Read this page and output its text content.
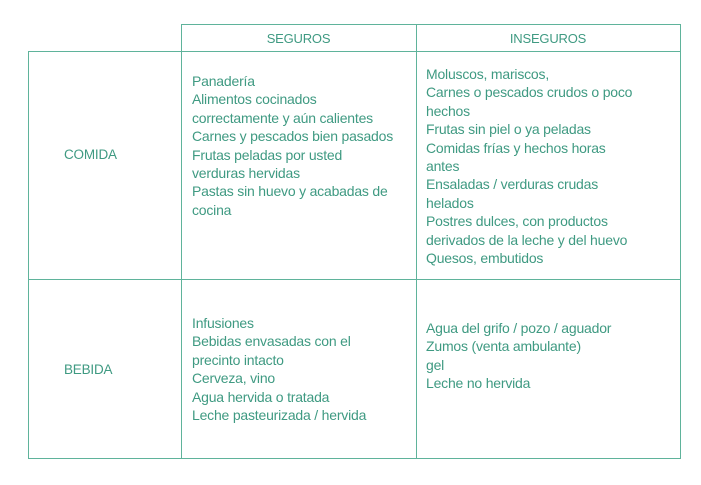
SEGUROS	INSEGUROS
COMIDA
BEBIDA
Panadería
Alimentos cocinados correctamente y aún calientes
Carnes y pescados bien pasados
Frutas peladas por usted verduras hervidas
Pastas sin huevo y acabadas de cocina
Moluscos, mariscos,
Carnes o pescados crudos o poco hechos
Frutas sin piel o ya peladas
Comidas frías y hechos horas antes
Ensaladas / verduras crudas helados
Postres dulces, con productos derivados de la leche y del huevo
Quesos, embutidos
Infusiones
Bebidas envasadas con el precinto intacto
Cerveza, vino
Agua hervida o tratada
Leche pasteurizada / hervida
Agua del grifo / pozo / aguador
Zumos (venta ambulante)
gel
Leche no hervida
